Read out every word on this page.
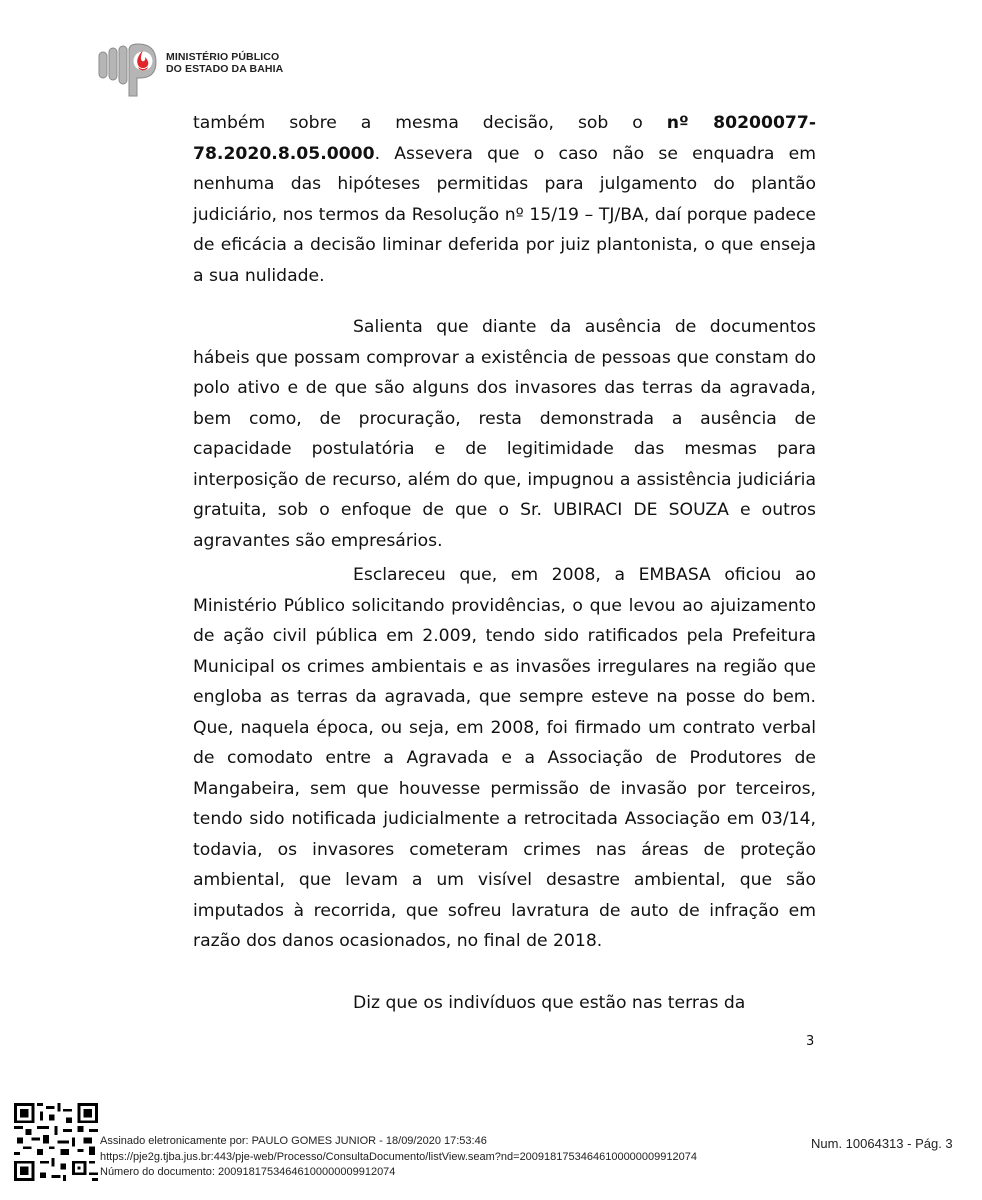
MINISTÉRIO PÚBLICO
DO ESTADO DA BAHIA

também sobre a mesma decisão, sob o nº 80200077-78.2020.8.05.0000. Assevera que o caso não se enquadra em nenhuma das hipóteses permitidas para julgamento do plantão judiciário, nos termos da Resolução nº 15/19 – TJ/BA, daí porque padece de eficácia a decisão liminar deferida por juiz plantonista, o que enseja a sua nulidade.

Salienta que diante da ausência de documentos hábeis que possam comprovar a existência de pessoas que constam do polo ativo e de que são alguns dos invasores das terras da agravada, bem como, de procuração, resta demonstrada a ausência de capacidade postulatória e de legitimidade das mesmas para interposição de recurso, além do que, impugnou a assistência judiciária gratuita, sob o enfoque de que o Sr. UBIRACI DE SOUZA e outros agravantes são empresários.

Esclareceu que, em 2008, a EMBASA oficiou ao Ministério Público solicitando providências, o que levou ao ajuizamento de ação civil pública em 2.009, tendo sido ratificados pela Prefeitura Municipal os crimes ambientais e as invasões irregulares na região que engloba as terras da agravada, que sempre esteve na posse do bem. Que, naquela época, ou seja, em 2008, foi firmado um contrato verbal de comodato entre a Agravada e a Associação de Produtores de Mangabeira, sem que houvesse permissão de invasão por terceiros, tendo sido notificada judicialmente a retrocitada Associação em 03/14, todavia, os invasores cometeram crimes nas áreas de proteção ambiental, que levam a um visível desastre ambiental, que são imputados à recorrida, que sofreu lavratura de auto de infração em razão dos danos ocasionados, no final de 2018.

Diz que os indivíduos que estão nas terras da

3
Assinado eletronicamente por: PAULO GOMES JUNIOR - 18/09/2020 17:53:46
https://pje2g.tjba.jus.br:443/pje-web/Processo/ConsultaDocumento/listView.seam?nd=20091817534646100000009912074
Número do documento: 20091817534646100000009912074
Num. 10064313 - Pág. 3
